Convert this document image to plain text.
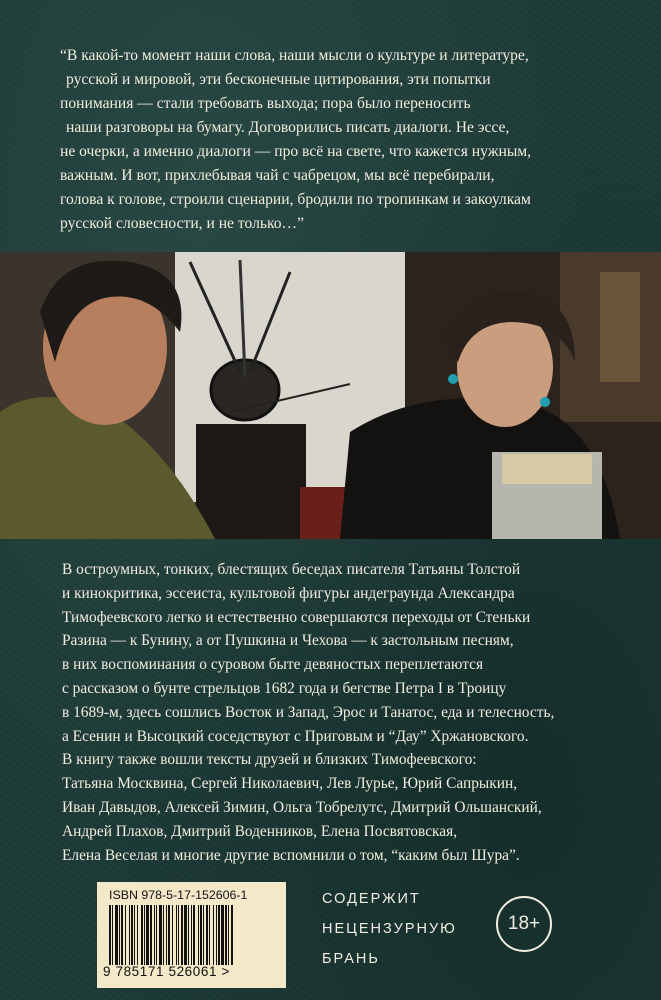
“В какой-то момент наши слова, наши мысли о культуре и литературе,
русской и мировой, эти бесконечные цитирования, эти попытки
понимания — стали требовать выхода; пора было переносить
наши разговоры на бумагу. Договорились писать диалоги. Не эссе,
не очерки, а именно диалоги — про всё на свете, что кажется нужным,
важным. И вот, прихлебывая чай с чабрецом, мы всё перебирали,
голова к голове, строили сценарии, бродили по тропинкам и закоулкам
русской словесности, и не только…”
В остроумных, тонких, блестящих беседах писателя Татьяны Толстой
и кинокритика, эссеиста, культовой фигуры андеграунда Александра
Тимофеевского легко и естественно совершаются переходы от Стеньки
Разина — к Бунину, а от Пушкина и Чехова — к застольным песням,
в них воспоминания о суровом быте девяностых переплетаются
с рассказом о бунте стрельцов 1682 года и бегстве Петра I в Троицу
в 1689-м, здесь сошлись Восток и Запад, Эрос и Танатос, еда и телесность,
а Есенин и Высоцкий соседствуют с Приговым и “Дау” Хржановского.
В книгу также вошли тексты друзей и близких Тимофеевского:
Татьяна Москвина, Сергей Николаевич, Лев Лурье, Юрий Сапрыкин,
Иван Давыдов, Алексей Зимин, Ольга Тобрелутс, Дмитрий Ольшанский,
Андрей Плахов, Дмитрий Воденников, Елена Посвятовская,
Елена Веселая и многие другие вспомнили о том, “каким был Шура”.
ISBN 978-5-17-152606-1
9 785171 526061 >
СОДЕРЖИТ
НЕЦЕНЗУРНУЮ
БРАНЬ
18+
